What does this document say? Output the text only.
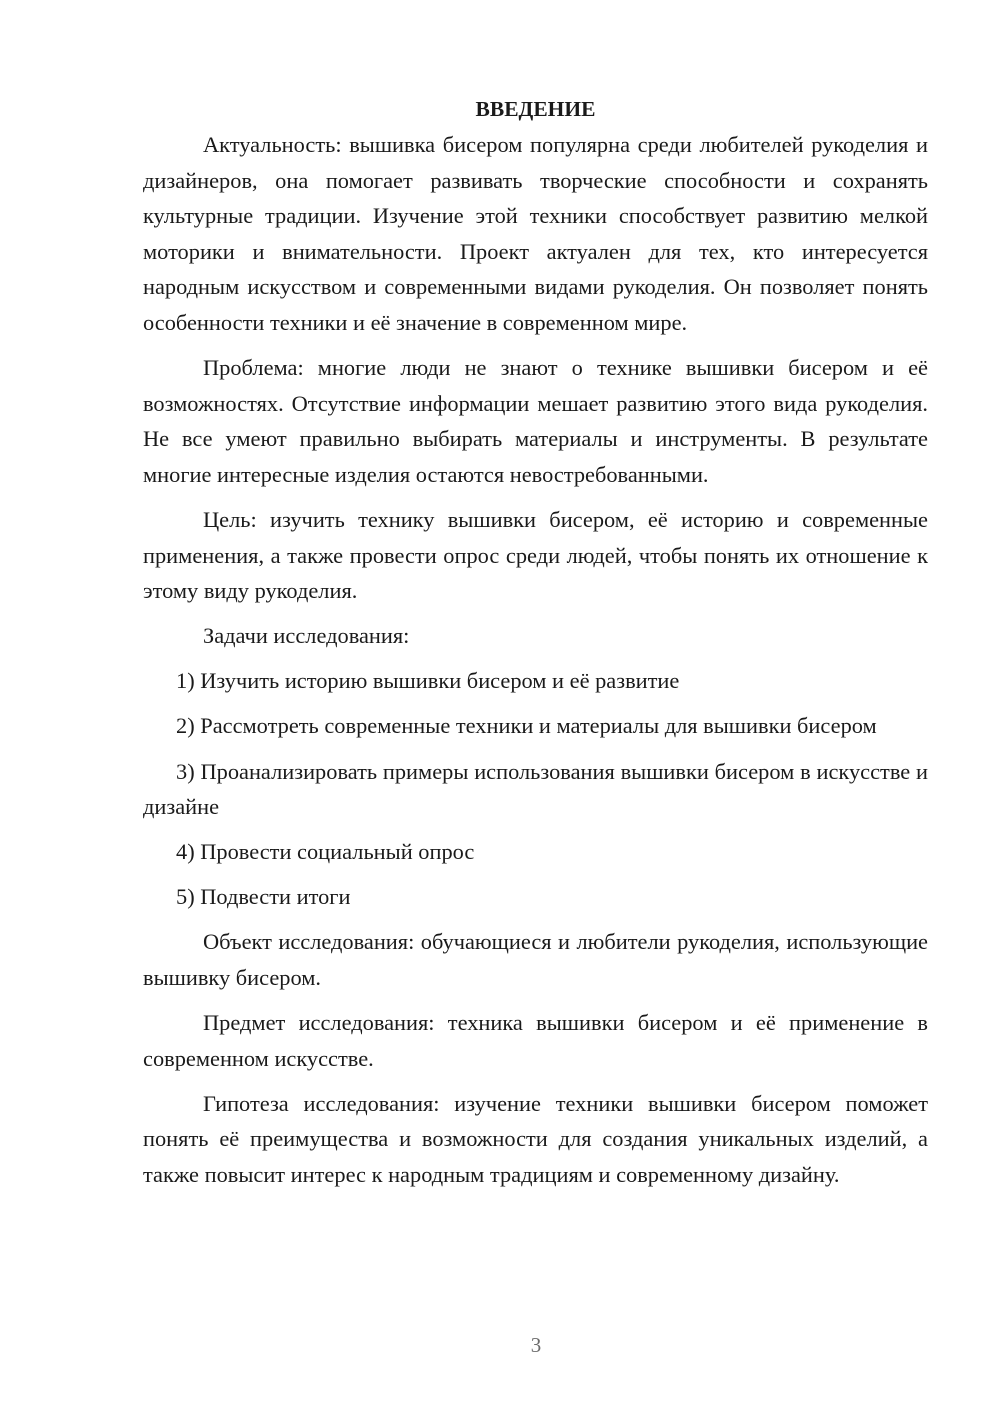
ВВЕДЕНИЕ

Актуальность: вышивка бисером популярна среди любителей рукоделия и дизайнеров, она помогает развивать творческие способности и сохранять культурные традиции. Изучение этой техники способствует развитию мелкой моторики и внимательности. Проект актуален для тех, кто интересуется народным искусством и современными видами рукоделия. Он позволяет понять особенности техники и её значение в современном мире.

Проблема: многие люди не знают о технике вышивки бисером и её возможностях. Отсутствие информации мешает развитию этого вида рукоделия. Не все умеют правильно выбирать материалы и инструменты. В результате многие интересные изделия остаются невостребованными.

Цель: изучить технику вышивки бисером, её историю и современные применения, а также провести опрос среди людей, чтобы понять их отношение к этому виду рукоделия.

Задачи исследования:

1) Изучить историю вышивки бисером и её развитие

2) Рассмотреть современные техники и материалы для вышивки бисером

3) Проанализировать примеры использования вышивки бисером в искусстве и дизайне

4) Провести социальный опрос

5) Подвести итоги

Объект исследования: обучающиеся и любители рукоделия, использующие вышивку бисером.

Предмет исследования: техника вышивки бисером и её применение в современном искусстве.

Гипотеза исследования: изучение техники вышивки бисером поможет понять её преимущества и возможности для создания уникальных изделий, а также повысит интерес к народным традициям и современному дизайну.

3
